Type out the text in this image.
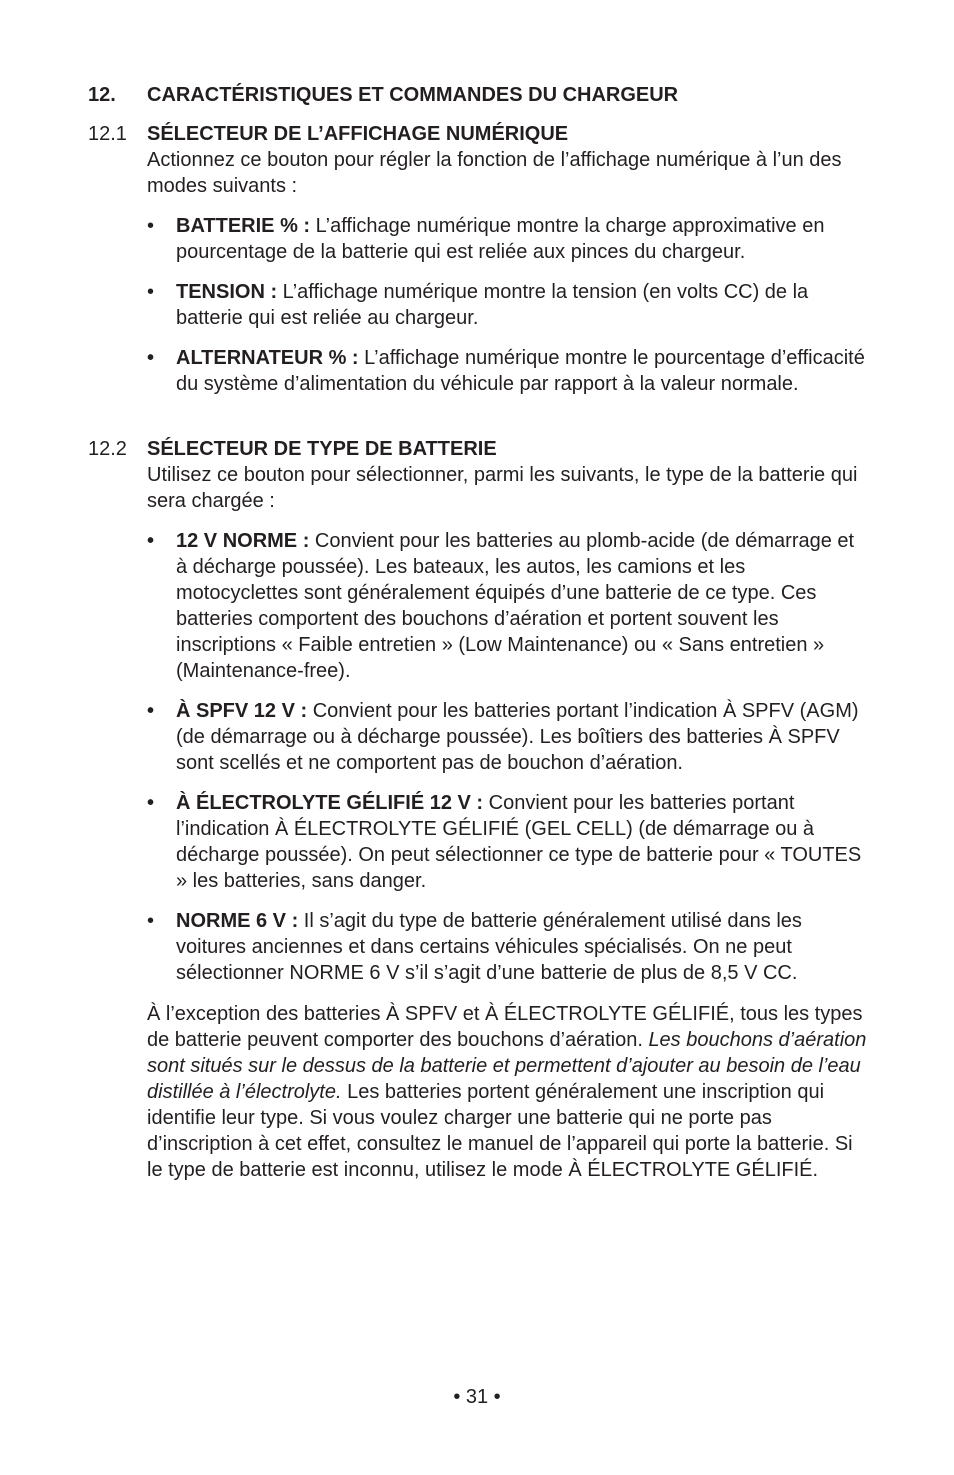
12. CARACTÉRISTIQUES ET COMMANDES DU CHARGEUR
12.1 SÉLECTEUR DE L’AFFICHAGE NUMÉRIQUE
Actionnez ce bouton pour régler la fonction de l’affichage numérique à l’un des modes suivants :
• BATTERIE % : L’affichage numérique montre la charge approximative en pourcentage de la batterie qui est reliée aux pinces du chargeur.
• TENSION : L’affichage numérique montre la tension (en volts CC) de la batterie qui est reliée au chargeur.
• ALTERNATEUR % : L’affichage numérique montre le pourcentage d’efficacité du système d’alimentation du véhicule par rapport à la valeur normale.
12.2 SÉLECTEUR DE TYPE DE BATTERIE
Utilisez ce bouton pour sélectionner, parmi les suivants, le type de la batterie qui sera chargée :
• 12 V NORME : Convient pour les batteries au plomb-acide (de démarrage et à décharge poussée). Les bateaux, les autos, les camions et les motocyclettes sont généralement équipés d’une batterie de ce type. Ces batteries comportent des bouchons d’aération et portent souvent les inscriptions « Faible entretien » (Low Maintenance) ou « Sans entretien » (Maintenance-free).
• À SPFV 12 V : Convient pour les batteries portant l’indication À SPFV (AGM) (de démarrage ou à décharge poussée). Les boîtiers des batteries À SPFV sont scellés et ne comportent pas de bouchon d’aération.
• À ÉLECTROLYTE GÉLIFIÉ 12 V : Convient pour les batteries portant l’indication À ÉLECTROLYTE GÉLIFIÉ (GEL CELL) (de démarrage ou à décharge poussée). On peut sélectionner ce type de batterie pour « TOUTES » les batteries, sans danger.
• NORME 6 V : Il s’agit du type de batterie généralement utilisé dans les voitures anciennes et dans certains véhicules spécialisés. On ne peut sélectionner NORME 6 V s’il s’agit d’une batterie de plus de 8,5 V CC.
À l’exception des batteries À SPFV et À ÉLECTROLYTE GÉLIFIÉ, tous les types de batterie peuvent comporter des bouchons d’aération. Les bouchons d’aération sont situés sur le dessus de la batterie et permettent d’ajouter au besoin de l’eau distillée à l’électrolyte. Les batteries portent généralement une inscription qui identifie leur type. Si vous voulez charger une batterie qui ne porte pas d’inscription à cet effet, consultez le manuel de l’appareil qui porte la batterie. Si le type de batterie est inconnu, utilisez le mode À ÉLECTROLYTE GÉLIFIÉ.
• 31 •
